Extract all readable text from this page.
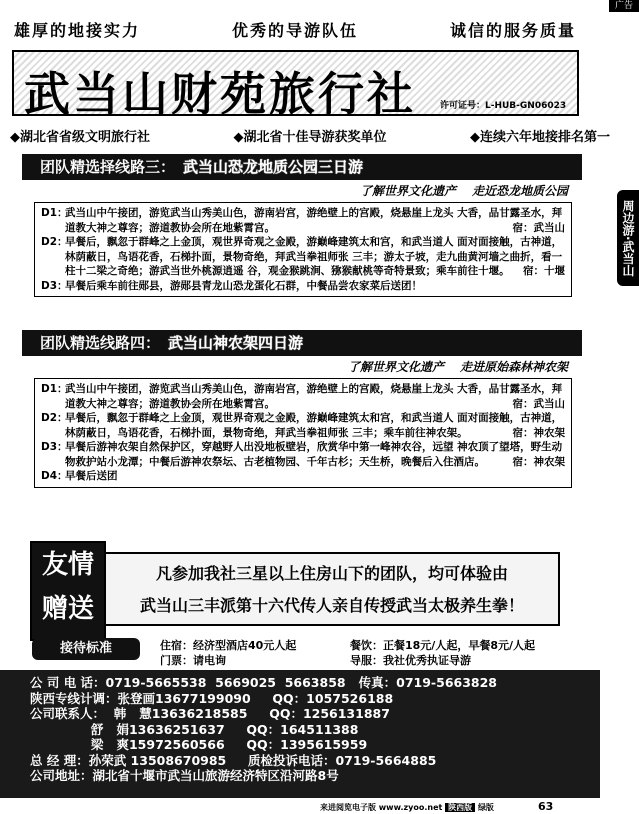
广告
雄厚的地接实力	优秀的导游队伍	诚信的服务质量
武当山财苑旅行社	许可证号：L-HUB-GN06023
◆湖北省省级文明旅行社	◆湖北省十佳导游获奖单位	◆连续六年地接排名第一
周边游·武当山
团队精选择线路三： 武当山恐龙地质公园三日游
了解世界文化遗产 走近恐龙地质公园
D1：
武当山中午接团，游览武当山秀美山色，游南岩宫，游绝壁上的宫殿，烧悬崖上龙头 大香，品甘露圣水，拜道教大神之尊容；游道教协会所在地紫霄宫。	宿：武当山
D2：
早餐后，飘忽于群峰之上金顶，观世界奇观之金殿，游巅峰建筑太和宫，和武当道人 面对面接触，古神道，林荫蔽日，鸟语花香，石梯扑面，景物奇绝，拜武当拳祖师张 三丰；游太子坡，走九曲黄河墙之曲折，看一柱十二梁之奇绝；游武当世外桃源逍遥 谷，观金猴跳涧、猕猴献桃等奇特景致；乘车前往十堰。 宿：十堰
D3：
早餐后乘车前往郧县，游郧县青龙山恐龙蛋化石群，中餐品尝农家菜后送团！
团队精选线路四： 武当山神农架四日游
了解世界文化遗产 走进原始森林神农架
D1：
武当山中午接团，游览武当山秀美山色，游南岩宫，游绝壁上的宫殿，烧悬崖上龙头 大香，品甘露圣水，拜道教大神之尊容；游道教协会所在地紫霄宫。	宿：武当山
D2：
早餐后，飘忽于群峰之上金顶，观世界奇观之金殿，游巅峰建筑太和宫，和武当道人 面对面接触，古神道，林荫蔽日，鸟语花香，石梯扑面，景物奇绝，拜武当拳祖师张 三丰；乘车前往神农架。	宿：神农架
D3：
早餐后游神农架自然保护区，穿越野人出没地板壁岩，欣赏华中第一峰神农谷，远望 神农顶了望塔，野生动物救护站小龙潭；中餐后游神农祭坛、古老植物园、千年古杉；天生桥，晚餐后入住酒店。	宿：神农架
D4：
早餐后送团
友情
赠送
凡参加我社三星以上住房山下的团队，均可体验由
武当山三丰派第十六代传人亲自传授武当太极养生拳！
接待标准	住宿：经济型酒店40元人起	餐饮：正餐18元/人起，早餐8元/人起
门票：请电询	导服：我社优秀执证导游
公 司 电 话：0719-5665538  5669025  5663858   传真：0719-5663828
陕西专线计调：张登画13677199090     QQ：1057526188
公司联系人：  韩   慧13636218585     QQ：1256131887
舒   娟13636251637     QQ：164511388
梁   爽15972560566     QQ：1395615959
总 经 理：孙荣武 13508670985     质检投诉电话：0719-5664885
公司地址：湖北省十堰市武当山旅游经济特区沿河路8号
来进阅览电子版 www.zyoo.net 陕西版 绿版	63
